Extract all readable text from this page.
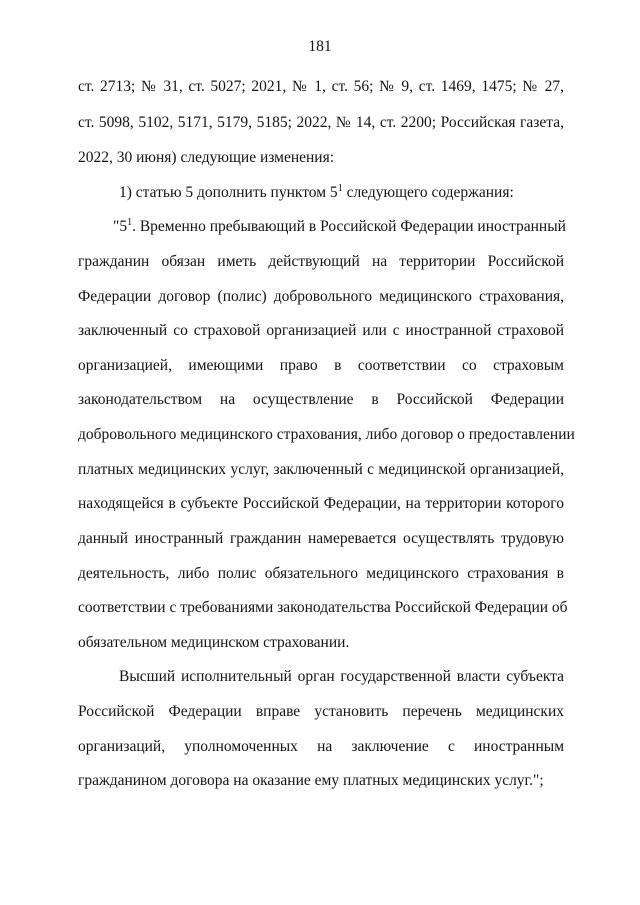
181
ст. 2713; № 31, ст. 5027; 2021, № 1, ст. 56; № 9, ст. 1469, 1475; № 27,
ст. 5098, 5102, 5171, 5179, 5185; 2022, № 14, ст. 2200; Российская газета,
2022, 30 июня) следующие изменения:
1) статью 5 дополнить пунктом $5^1$ следующего содержания:
"$5^1$. Временно пребывающий в Российской Федерации иностранный
гражданин обязан иметь действующий на территории Российской
Федерации договор (полис) добровольного медицинского страхования,
заключенный со страховой организацией или с иностранной страховой
организацией, имеющими право в соответствии со страховым
законодательством на осуществление в Российской Федерации
добровольного медицинского страхования, либо договор о предоставлении
платных медицинских услуг, заключенный с медицинской организацией,
находящейся в субъекте Российской Федерации, на территории которого
данный иностранный гражданин намеревается осуществлять трудовую
деятельность, либо полис обязательного медицинского страхования в
соответствии с требованиями законодательства Российской Федерации об
обязательном медицинском страховании.
Высший исполнительный орган государственной власти субъекта
Российской Федерации вправе установить перечень медицинских
организаций, уполномоченных на заключение с иностранным
гражданином договора на оказание ему платных медицинских услуг.";
